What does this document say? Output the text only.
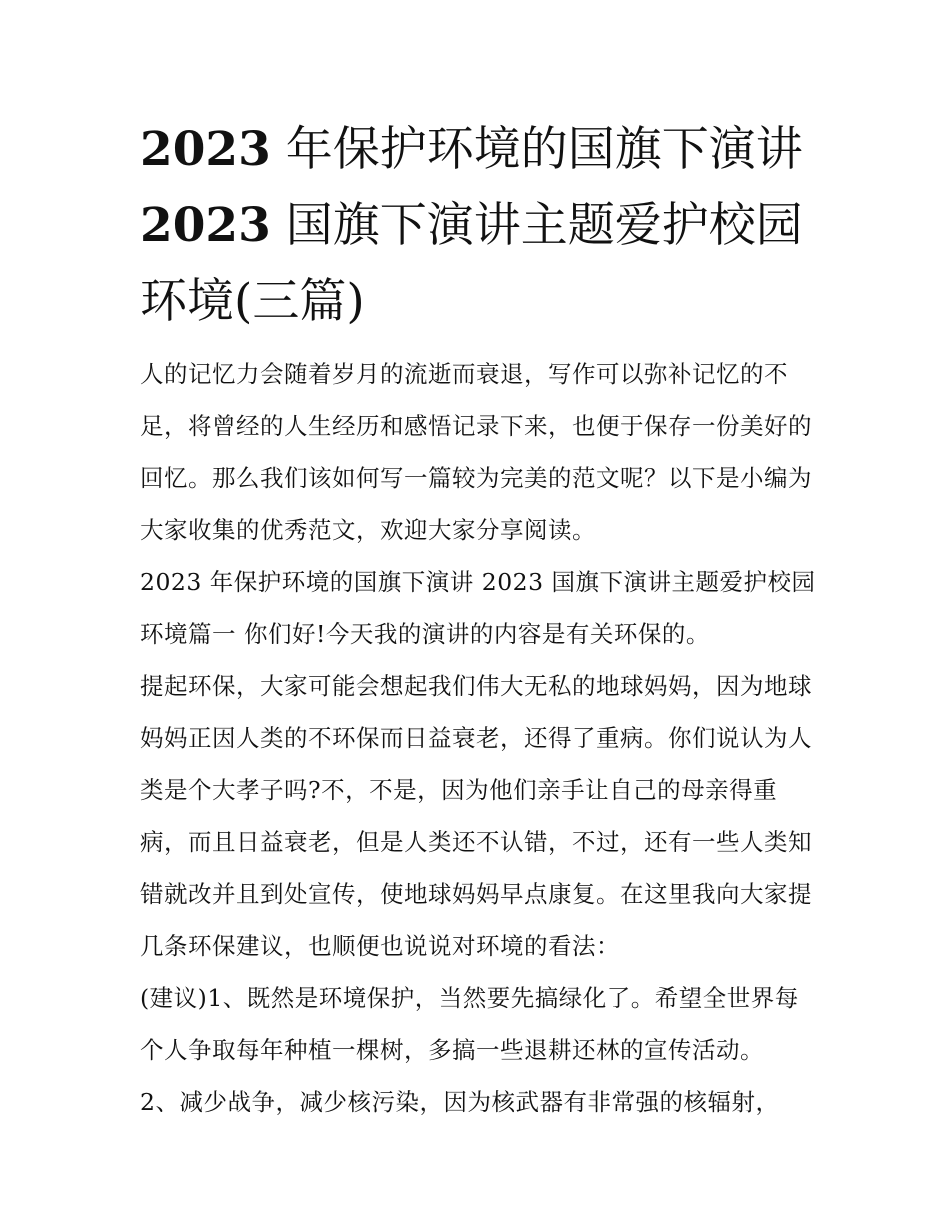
2023 年保护环境的国旗下演讲
2023 国旗下演讲主题爱护校园
环境(三篇)

人的记忆力会随着岁月的流逝而衰退，写作可以弥补记忆的不足，将曾经的人生经历和感悟记录下来，也便于保存一份美好的回忆。那么我们该如何写一篇较为完美的范文呢？以下是小编为大家收集的优秀范文，欢迎大家分享阅读。

2023 年保护环境的国旗下演讲 2023 国旗下演讲主题爱护校园环境篇一 你们好!今天我的演讲的内容是有关环保的。

提起环保，大家可能会想起我们伟大无私的地球妈妈，因为地球妈妈正因人类的不环保而日益衰老，还得了重病。你们说认为人类是个大孝子吗?不，不是，因为他们亲手让自己的母亲得重病，而且日益衰老，但是人类还不认错，不过，还有一些人类知错就改并且到处宣传，使地球妈妈早点康复。在这里我向大家提几条环保建议，也顺便也说说对环境的看法：

(建议)1、既然是环境保护，当然要先搞绿化了。希望全世界每个人争取每年种植一棵树，多搞一些退耕还林的宣传活动。

2、减少战争，减少核污染，因为核武器有非常强的核辐射，
